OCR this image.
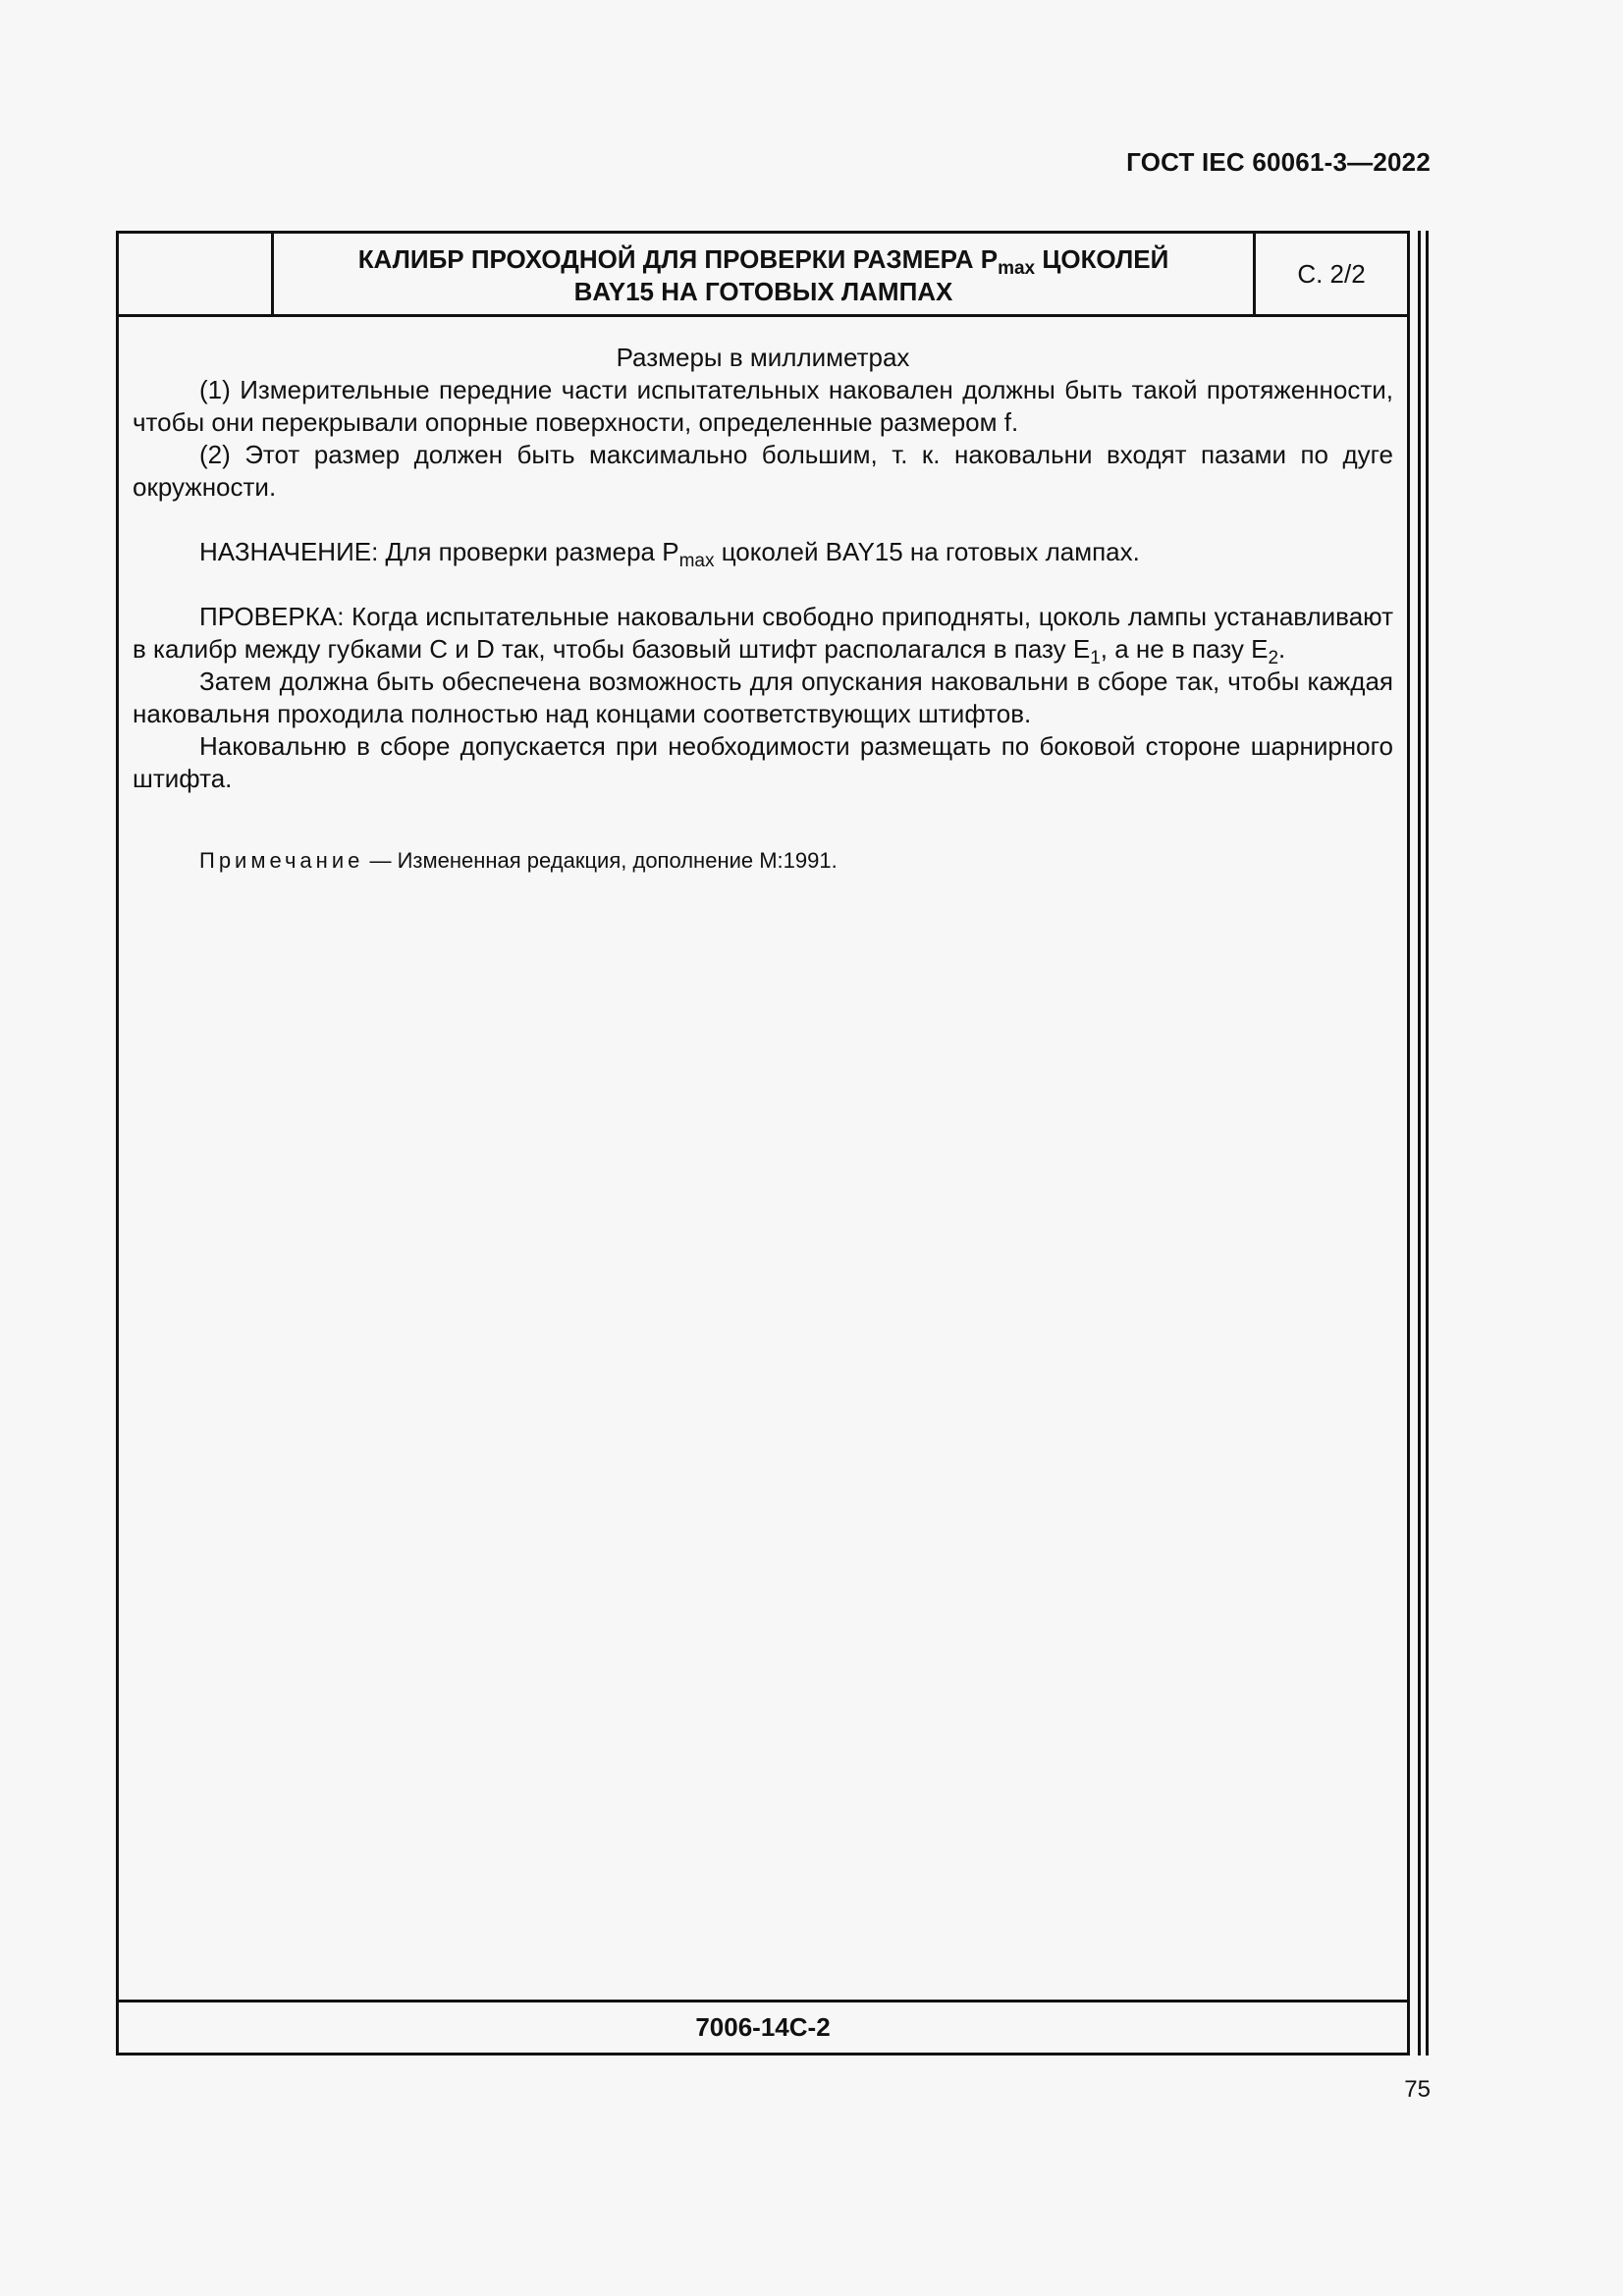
ГОСТ IEC 60061-3—2022
КАЛИБР ПРОХОДНОЙ ДЛЯ ПРОВЕРКИ РАЗМЕРА $P_{max}$ ЦОКОЛЕЙ
BAY15 НА ГОТОВЫХ ЛАМПАХ
С. 2/2

Размеры в миллиметрах

(1) Измерительные передние части испытательных наковален должны быть такой протяженности, чтобы они перекрывали опорные поверхности, определенные размером f.

(2) Этот размер должен быть максимально большим, т. к. наковальни входят пазами по дуге окружности.

НАЗНАЧЕНИЕ: Для проверки размера $P_{max}$ цоколей BAY15 на готовых лампах.

ПРОВЕРКА: Когда испытательные наковальни свободно приподняты, цоколь лампы устанавливают в калибр между губками C и D так, чтобы базовый штифт располагался в пазу $E_1$, а не в пазу $E_2$.

Затем должна быть обеспечена возможность для опускания наковальни в сборе так, чтобы каждая наковальня проходила полностью над концами соответствующих штифтов.

Наковальню в сборе допускается при необходимости размещать по боковой стороне шарнирного штифта.

Примечание — Измененная редакция, дополнение M:1991.

7006-14C-2
75
